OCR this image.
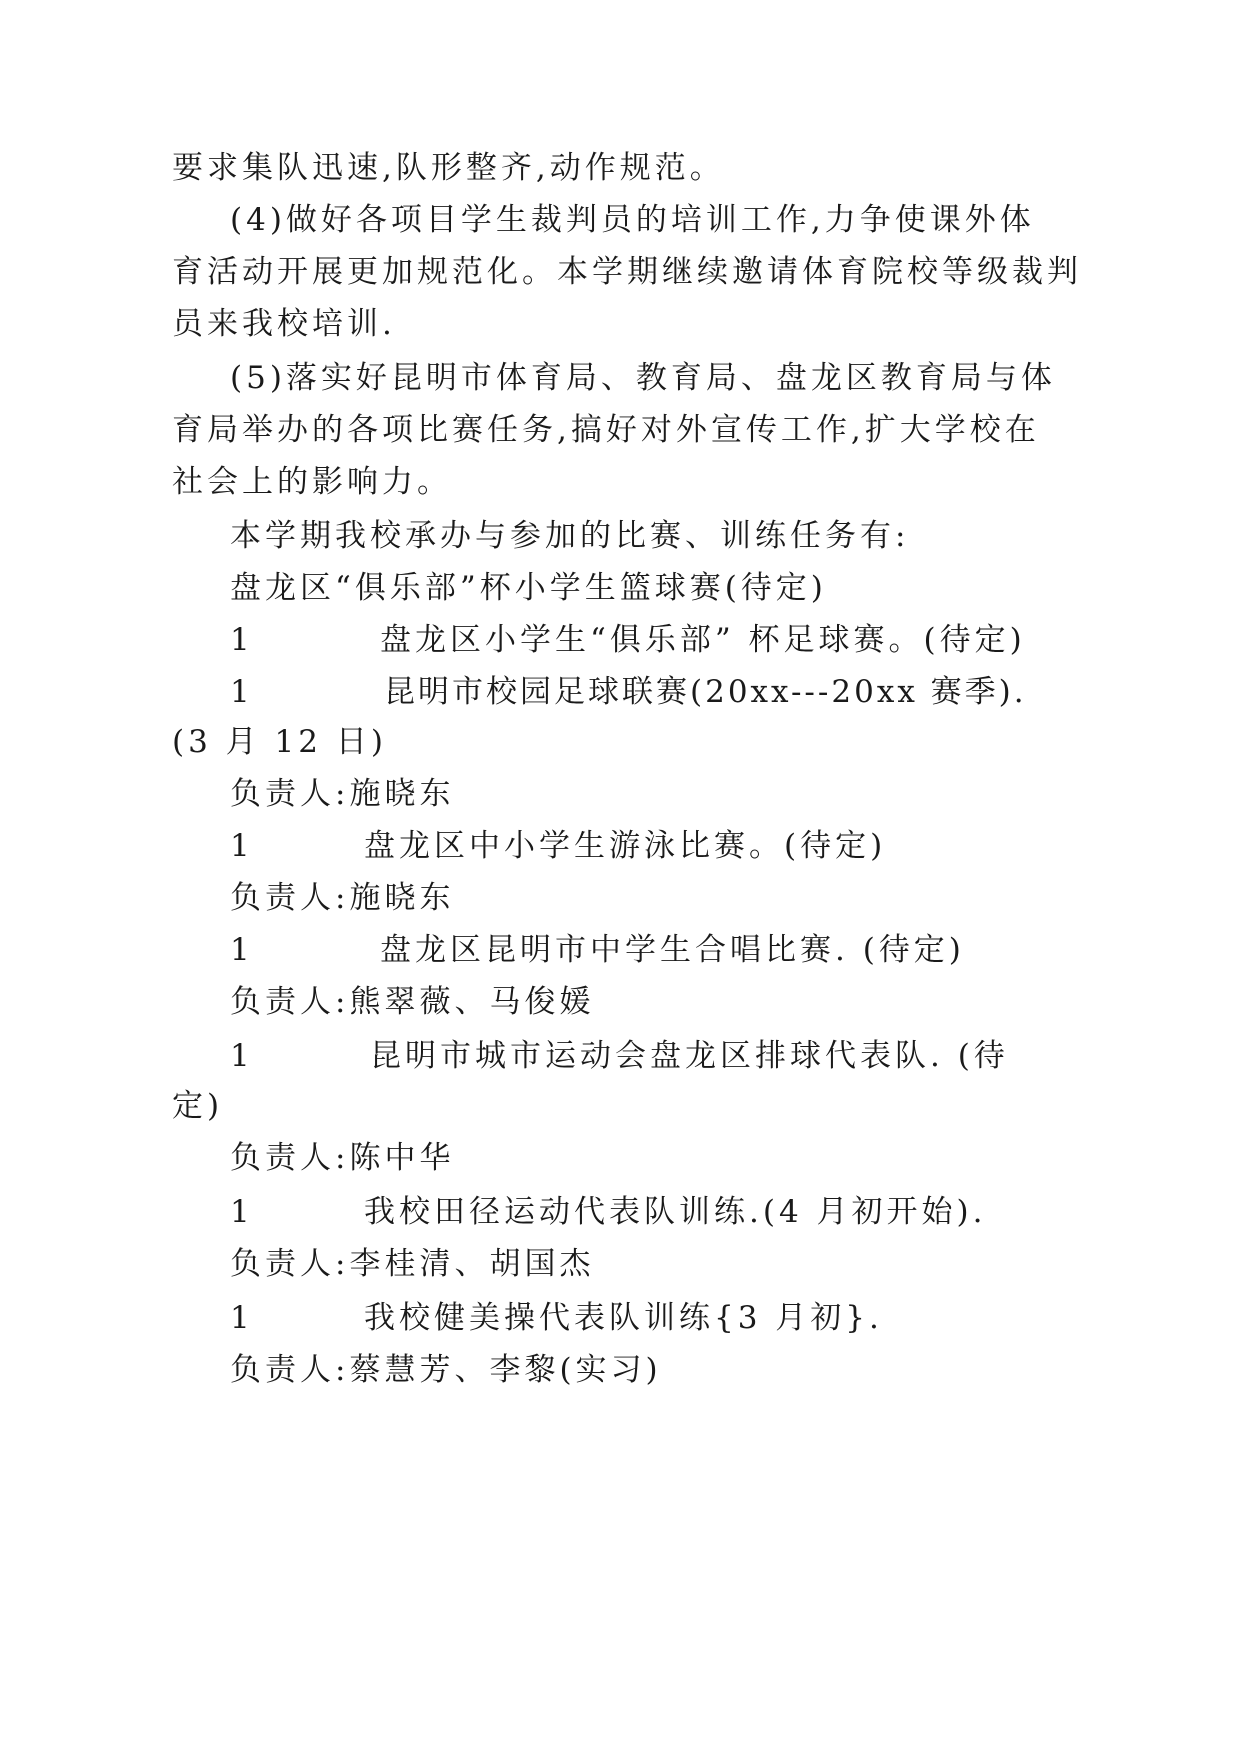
要求集队迅速,队形整齐,动作规范。
(4)做好各项目学生裁判员的培训工作,力争使课外体
育活动开展更加规范化。本学期继续邀请体育院校等级裁判
员来我校培训.
(5)落实好昆明市体育局、教育局、盘龙区教育局与体
育局举办的各项比赛任务,搞好对外宣传工作,扩大学校在
社会上的影响力。
本学期我校承办与参加的比赛、训练任务有:
盘龙区“俱乐部”杯小学生篮球赛(待定)
1	盘龙区小学生“俱乐部” 杯足球赛。(待定)
1	昆明市校园足球联赛(20xx---20xx 赛季).
(3 月 12 日)
负责人:施晓东
1	盘龙区中小学生游泳比赛。(待定)
负责人:施晓东
1	盘龙区昆明市中学生合唱比赛. (待定)
负责人:熊翠薇、马俊媛
1	昆明市城市运动会盘龙区排球代表队. (待
定)
负责人:陈中华
1	我校田径运动代表队训练.(4 月初开始).
负责人:李桂清、胡国杰
1	我校健美操代表队训练{3 月初}.
负责人:蔡慧芳、李黎(实习)
